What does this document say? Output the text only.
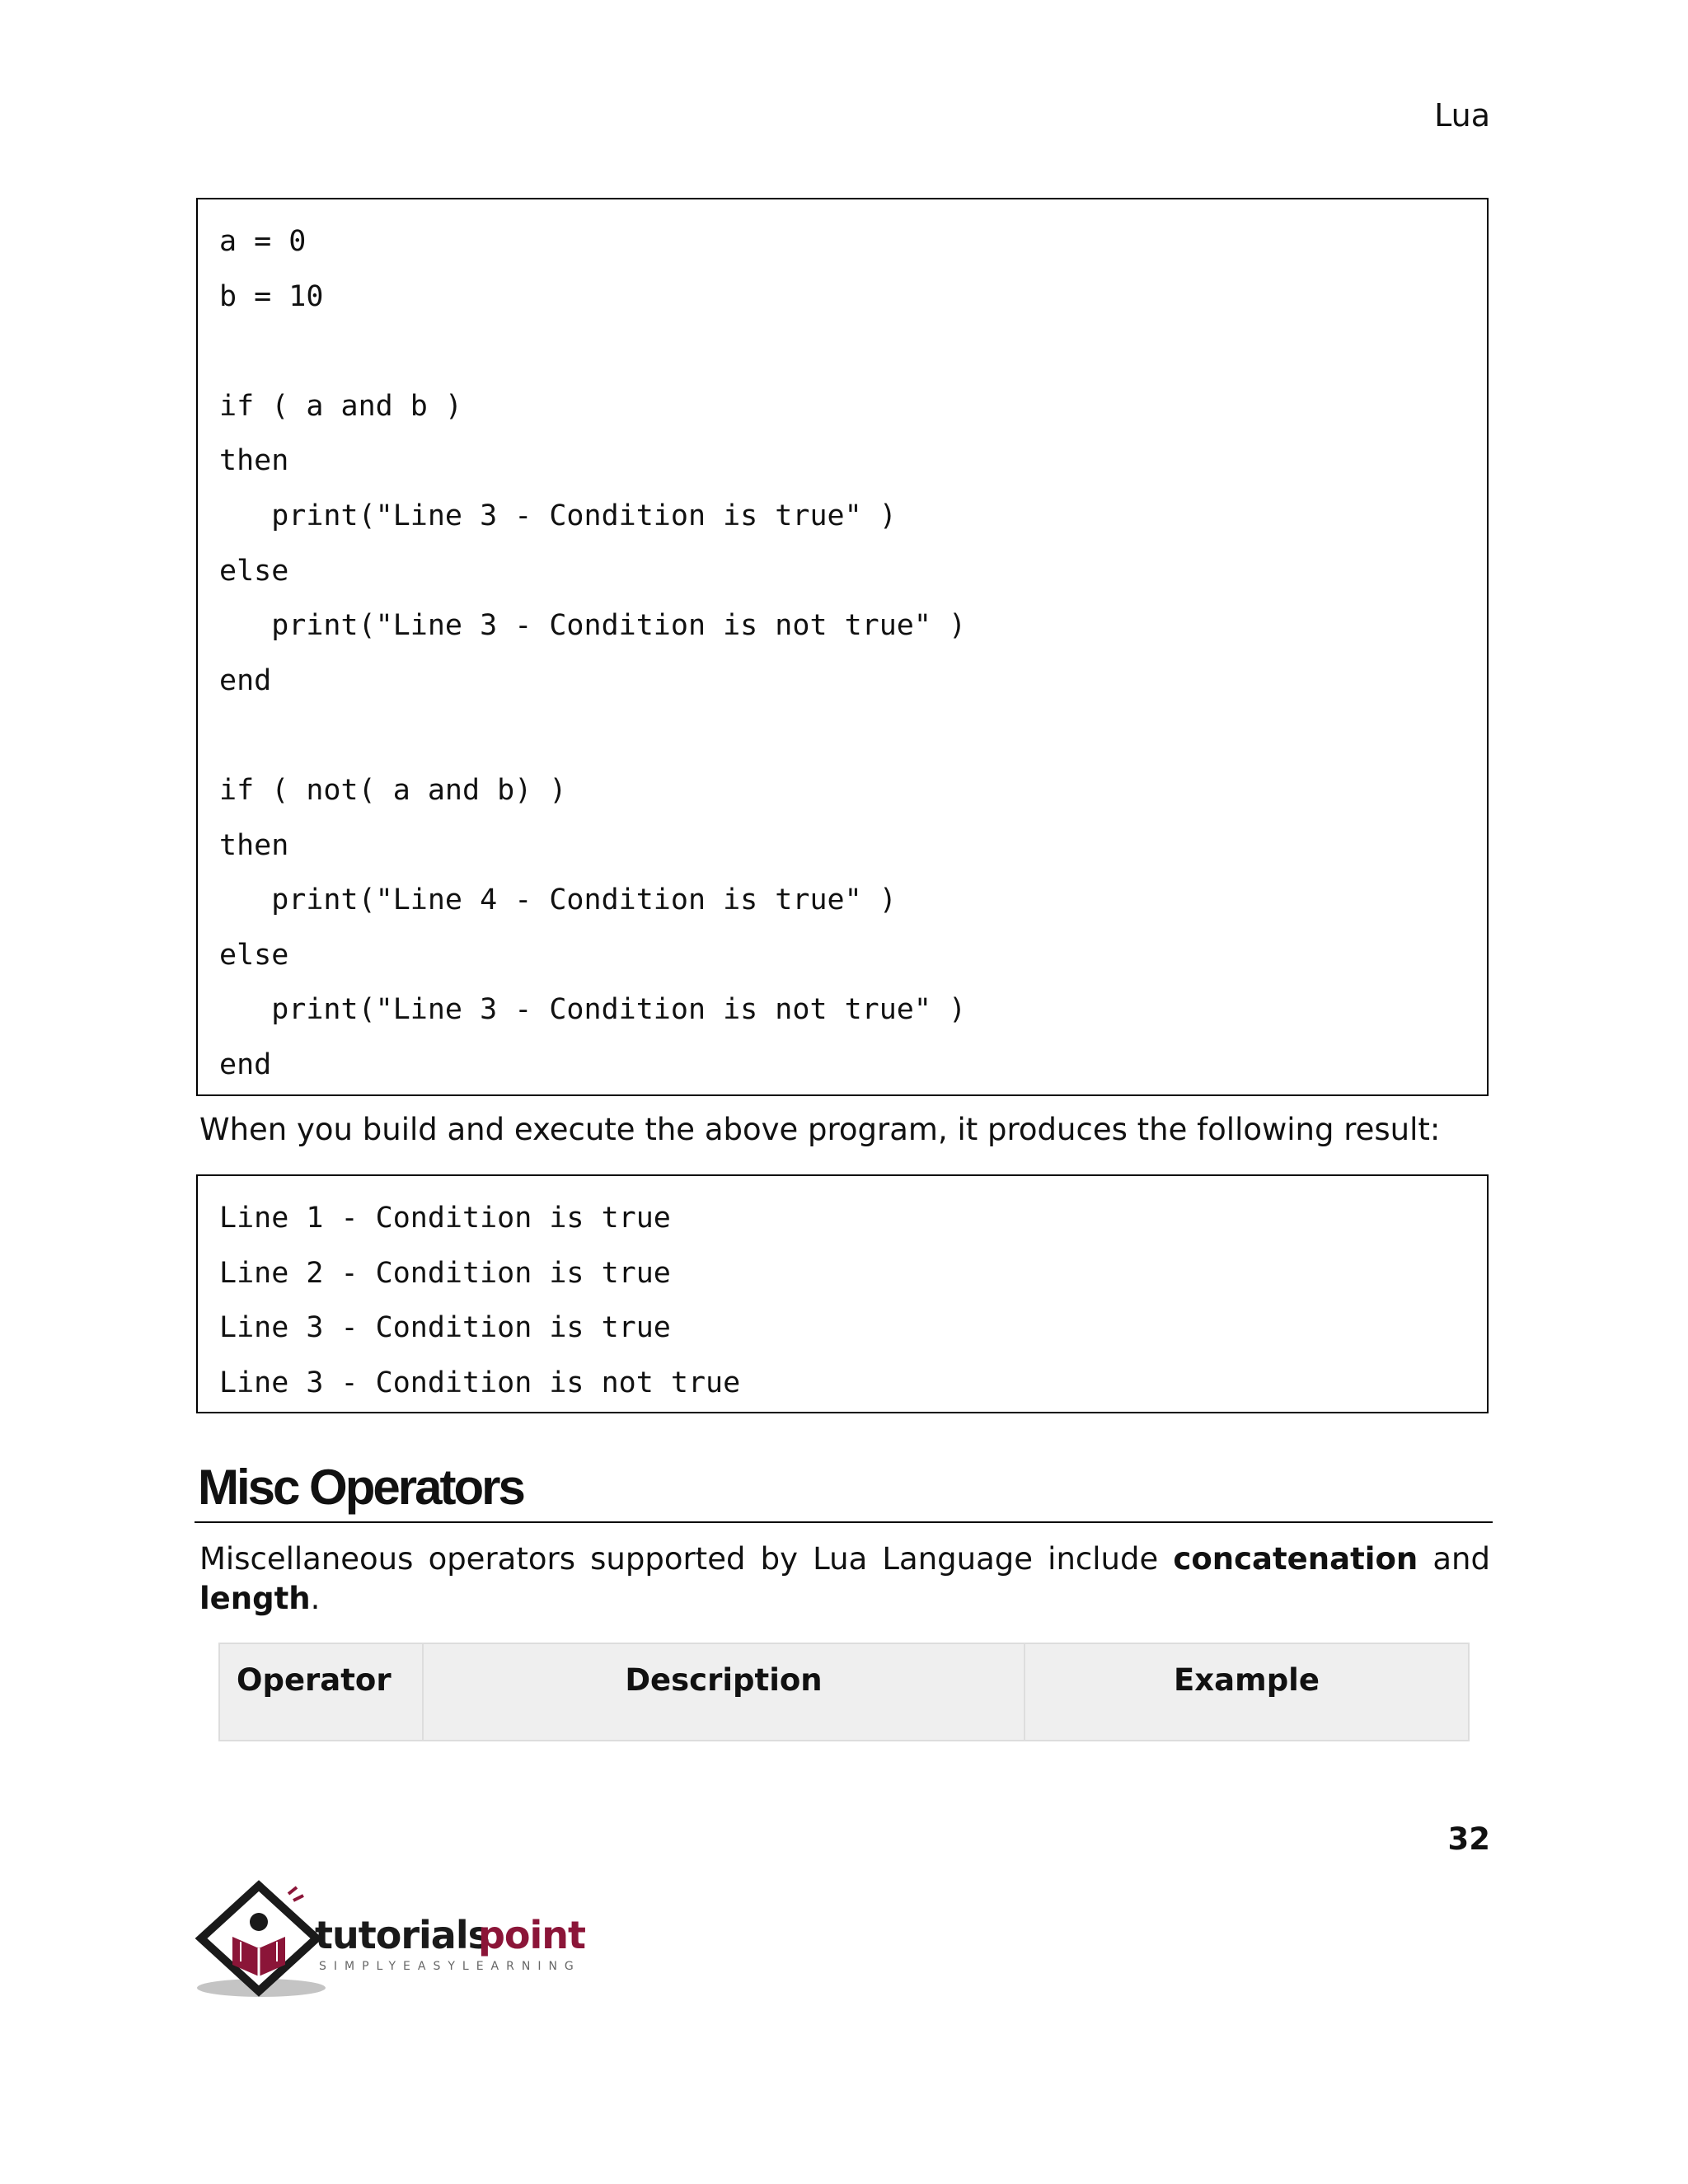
Lua
a = 0
b = 10
if ( a and b )
then
print("Line 3 - Condition is true" )
else
print("Line 3 - Condition is not true" )
end
if ( not( a and b) )
then
print("Line 4 - Condition is true" )
else
print("Line 3 - Condition is not true" )
end
When you build and execute the above program, it produces the following result:
Line 1 - Condition is true
Line 2 - Condition is true
Line 3 - Condition is true
Line 3 - Condition is not true
Misc Operators
Miscellaneous operators supported by Lua Language include concatenation and length.
Operator	Description	Example
32
tutorials
point
SIMPLYEASYLEARNING
